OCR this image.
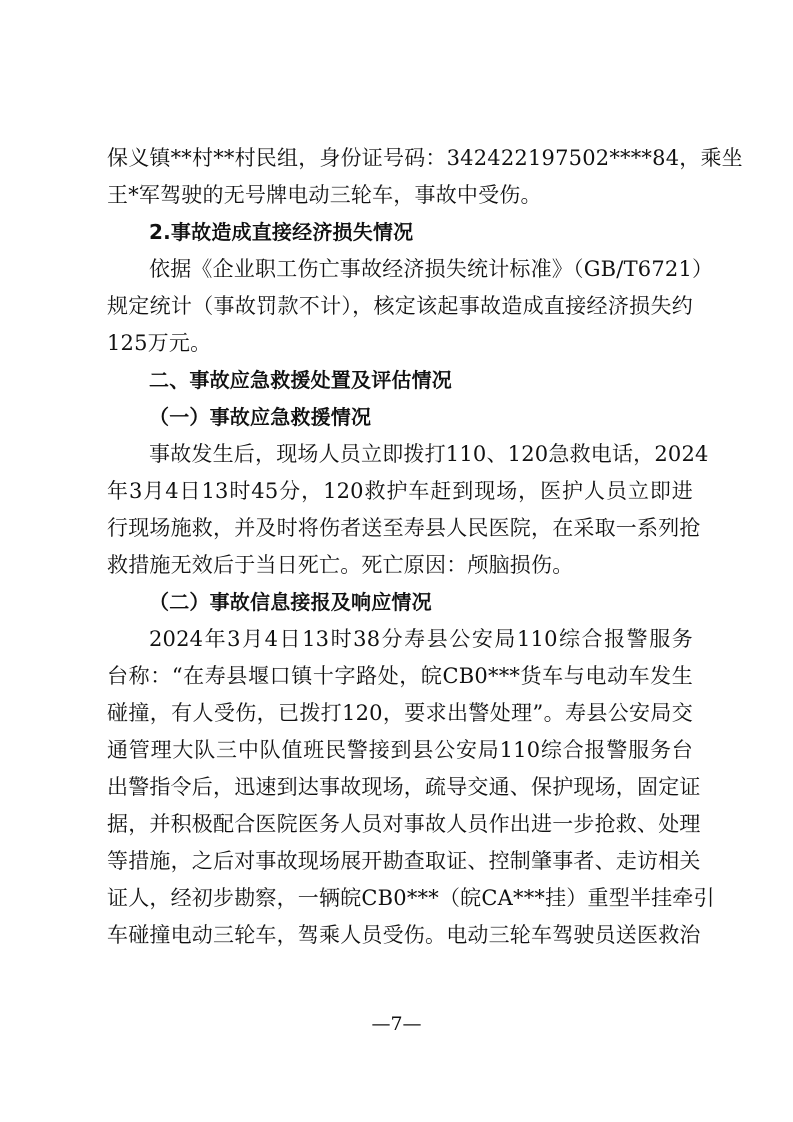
保义镇**村**村民组，身份证号码：342422197502****84，乘坐
王*军驾驶的无号牌电动三轮车，事故中受伤。
2.事故造成直接经济损失情况
依据《企业职工伤亡事故经济损失统计标准》（GB/T6721）
规定统计（事故罚款不计），核定该起事故造成直接经济损失约
125万元。
二、事故应急救援处置及评估情况
（一）事故应急救援情况
事故发生后，现场人员立即拨打110、120急救电话，2024
年3月4日13时45分，120救护车赶到现场，医护人员立即进
行现场施救，并及时将伤者送至寿县人民医院，在采取一系列抢
救措施无效后于当日死亡。死亡原因：颅脑损伤。
（二）事故信息接报及响应情况
2024年3月4日13时38分寿县公安局110综合报警服务
台称：“在寿县堰口镇十字路处，皖CB0***货车与电动车发生
碰撞，有人受伤，已拨打120，要求出警处理”。寿县公安局交
通管理大队三中队值班民警接到县公安局110综合报警服务台
出警指令后，迅速到达事故现场，疏导交通、保护现场，固定证
据，并积极配合医院医务人员对事故人员作出进一步抢救、处理
等措施，之后对事故现场展开勘查取证、控制肇事者、走访相关
证人，经初步勘察，一辆皖CB0***（皖CA***挂）重型半挂牵引
车碰撞电动三轮车，驾乘人员受伤。电动三轮车驾驶员送医救治
—7—
